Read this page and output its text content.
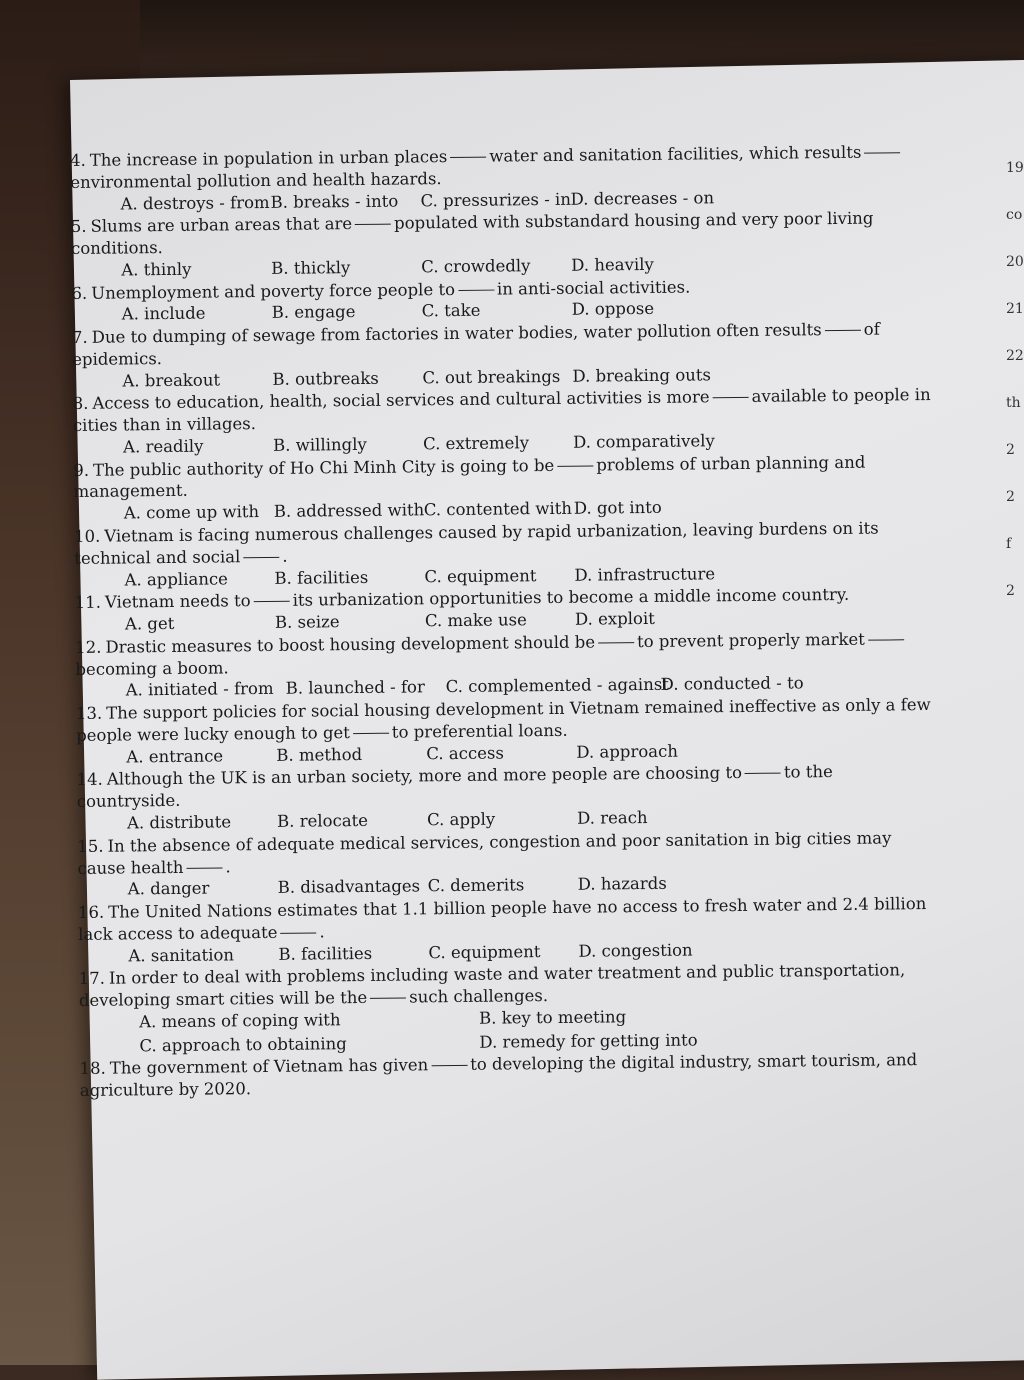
4. The increase in population in urban places	water and sanitation facilities, which results environmental pollution and health hazards.
A. destroys - from B. breaks - into	C. pressurizes - in D. decreases - on
5. Slums are urban areas that are	populated with substandard housing and very poor living conditions.
A. thinly	B. thickly	C. crowdedly	D. heavily
6. Unemployment and poverty force people to	in anti-social activities.
A. include	B. engage	C. take	D. oppose
7. Due to dumping of sewage from factories in water bodies, water pollution often results	of epidemics.
A. breakout	B. outbreaks	C. out breakings D. breaking outs
8. Access to education, health, social services and cultural activities is more	available to people in cities than in villages.
A. readily	B. willingly	C. extremely	D. comparatively
9. The public authority of Ho Chi Minh City is going to be	problems of urban planning and management.
A. come up with B. addressed with C. contented with D. got into
10. Vietnam is facing numerous challenges caused by rapid urbanization, leaving burdens on its technical and social	.
A. appliance	B. facilities	C. equipment	D. infrastructure
11. Vietnam needs to	its urbanization opportunities to become a middle income country.
A. get	B. seize	C. make use	D. exploit
12. Drastic measures to boost housing development should be	to prevent properly market becoming a boom.
A. initiated - from B. launched - for	C. complemented - against
D. conducted - to
13. The support policies for social housing development in Vietnam remained ineffective as only a few people were lucky enough to get	to preferential loans.
A. entrance	B. method	C. access	D. approach
14. Although the UK is an urban society, more and more people are choosing to	to the countryside.
A. distribute	B. relocate	C. apply	D. reach
15. In the absence of adequate medical services, congestion and poor sanitation in big cities may cause health	.
A. danger	B. disadvantages C. demerits	D. hazards
16. The United Nations estimates that 1.1 billion people have no access to fresh water and 2.4 billion lack access to adequate	.
A. sanitation	B. facilities	C. equipment	D. congestion
17. In order to deal with problems including waste and water treatment and public transportation, developing smart cities will be the	such challenges.
A. means of coping with	B. key to meeting
C. approach to obtaining	D. remedy for getting into
18. The government of Vietnam has given	to developing the digital industry, smart tourism, and agriculture by 2020.
19
co
20
21
22
th
2
2
f
2
